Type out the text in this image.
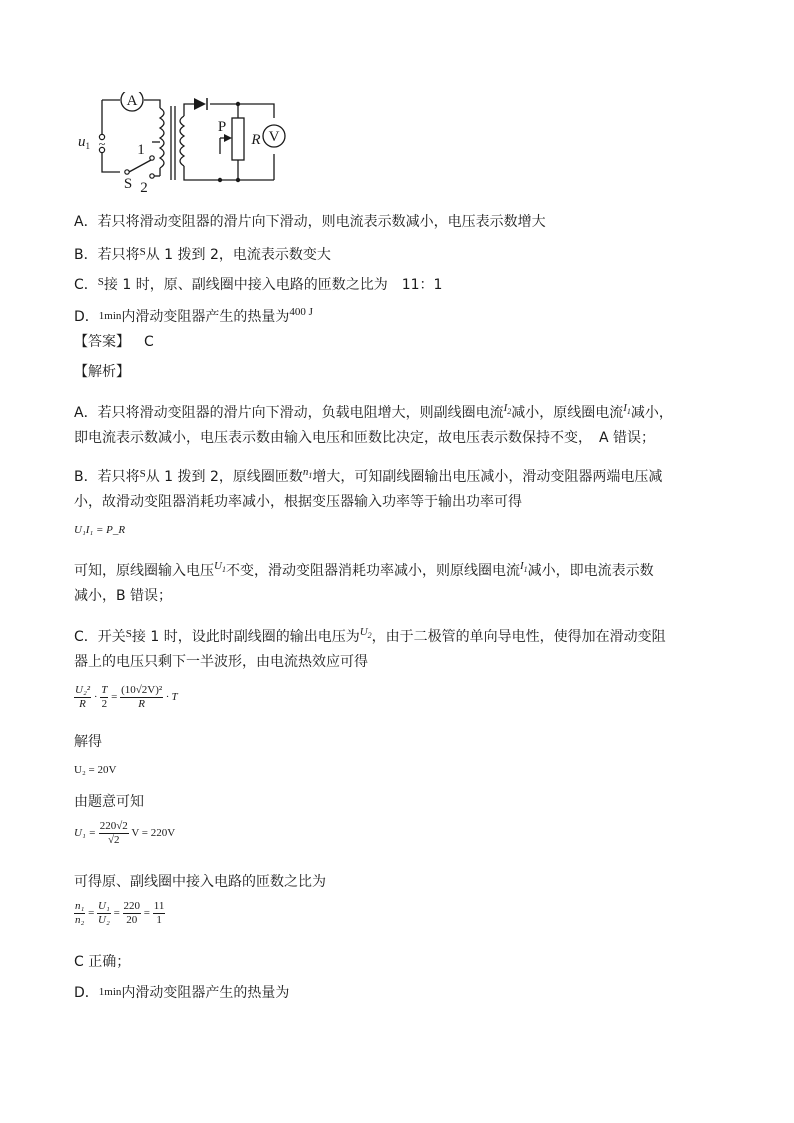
A
V
P
R
1
2
S
~
$u_1$
A．若只将滑动变阻器的滑片向下滑动，则电流表示数减小，电压表示数增大
B．若只将$^S$从 1 拨到 2，电流表示数变大
C．$^S$接 1 时，原、副线圈中接入电路的匝数之比为　11：1
D．1min内滑动变阻器产生的热量为$^{400 J}$
【答案】  C
【解析】
A．若只将滑动变阻器的滑片向下滑动，负载电阻增大，则副线圈电流$^{I_2}$减小，原线圈电流$^{I_1}$减小，
即电流表示数减小，电压表示数由输入电压和匝数比决定，故电压表示数保持不变，　A 错误；
B．若只将$^S$从 1 拨到 2，原线圈匝数$^{n_1}$增大，可知副线圈输出电压减小，滑动变阻器两端电压减
小，故滑动变阻器消耗功率减小，根据变压器输入功率等于输出功率可得
U₁I₁ = P_R
可知，原线圈输入电压$^{U_1}$不变，滑动变阻器消耗功率减小，则原线圈电流$^{I_1}$减小，即电流表示数
减小，B 错误；
C．开关$^S$接 1 时，设此时副线圈的输出电压为$^{U_2}$，由于二极管的单向导电性，使得加在滑动变阻
器上的电压只剩下一半波形，由电流热效应可得
$\frac{\text{U₂²}}{R} \cdot \frac{T}{2} = \frac{\text{(10√2V)²}}{R} \cdot T$
解得
U₂ = 20V
由题意可知
$U_1 = \frac{220√2}{√2}$ V = 220V
可得原、副线圈中接入电路的匝数之比为
$\frac{\text{n₁}}{\text{n₂}} = \frac{\text{U₁}}{\text{U₂}} = \frac{220}{20} = \frac{11}{1}$
C 正确；
D．1min内滑动变阻器产生的热量为
